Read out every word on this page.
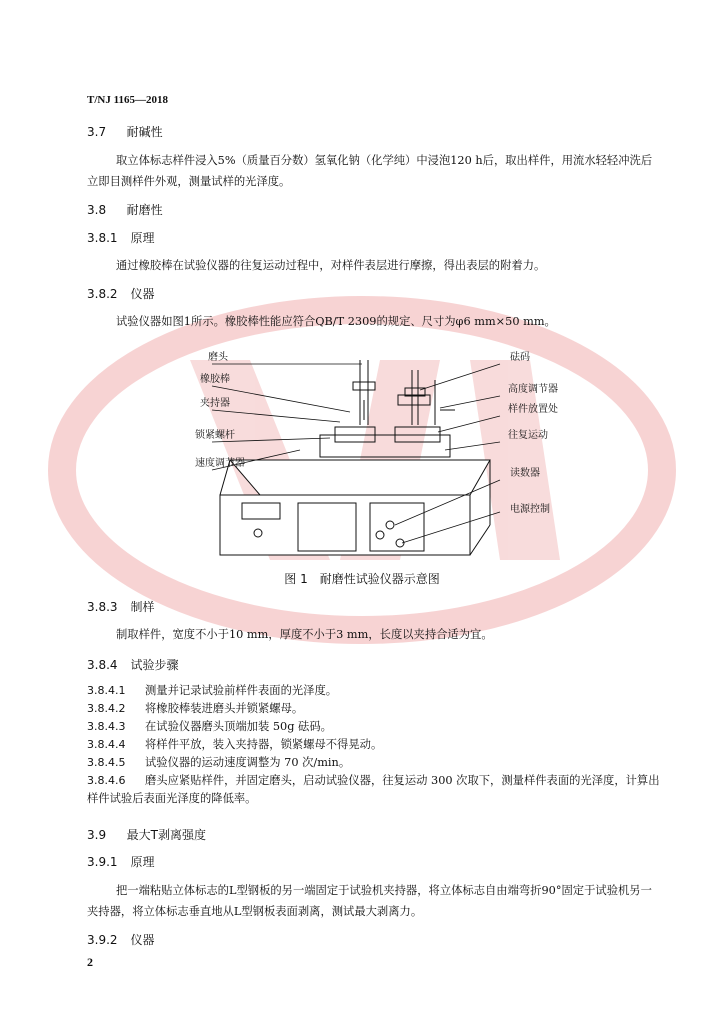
T/NJ 1165—2018
3.7 耐碱性
取立体标志样件浸入5%（质量百分数）氢氧化钠（化学纯）中浸泡120 h后，取出样件，用流水轻轻冲洗后立即目测样件外观，测量试样的光泽度。
3.8 耐磨性
3.8.1 原理
通过橡胶棒在试验仪器的往复运动过程中，对样件表层进行摩擦，得出表层的附着力。
3.8.2 仪器
试验仪器如图1所示。橡胶棒性能应符合QB/T 2309的规定、尺寸为φ6 mm×50 mm。
磨头
橡胶棒
夹持器
锁紧螺杆
速度调节器
砝码
高度调节器
样件放置处
往复运动
读数器
电源控制
图 1　耐磨性试验仪器示意图
3.8.3 制样
制取样件，宽度不小于10 mm，厚度不小于3 mm，长度以夹持合适为宜。
3.8.4 试验步骤
3.8.4.1 测量并记录试验前样件表面的光泽度。
3.8.4.2 将橡胶棒装进磨头并锁紧螺母。
3.8.4.3 在试验仪器磨头顶端加装 50g 砝码。
3.8.4.4 将样件平放，装入夹持器，锁紧螺母不得晃动。
3.8.4.5 试验仪器的运动速度调整为 70 次/min。
3.8.4.6 磨头应紧贴样件，并固定磨头，启动试验仪器，往复运动 300 次取下，测量样件表面的光泽度，计算出样件试验后表面光泽度的降低率。
3.9 最大T剥离强度
3.9.1 原理
把一端粘贴立体标志的L型钢板的另一端固定于试验机夹持器，将立体标志自由端弯折90°固定于试验机另一夹持器，将立体标志垂直地从L型钢板表面剥离，测试最大剥离力。
3.9.2 仪器
2
